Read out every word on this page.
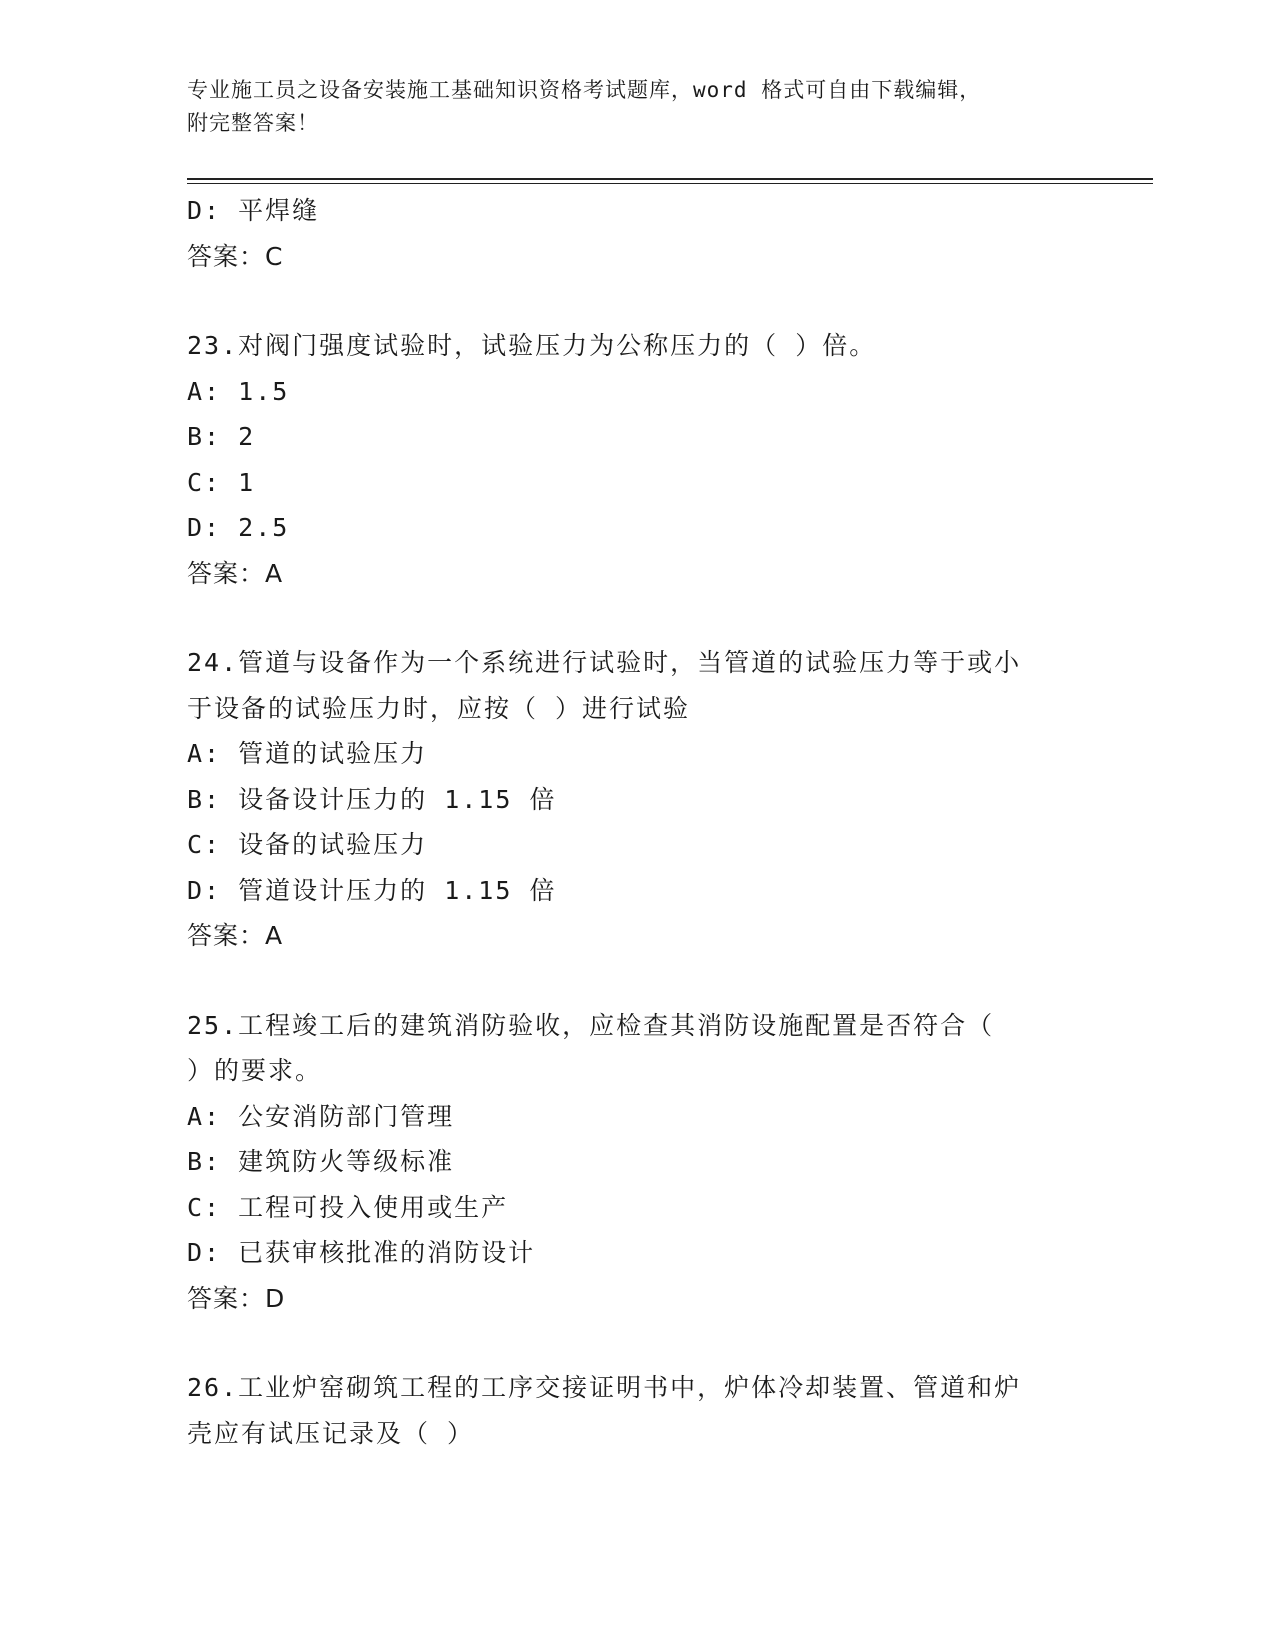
专业施工员之设备安装施工基础知识资格考试题库，word 格式可自由下载编辑，
附完整答案！
D: 平焊缝
答案：C
23.对阀门强度试验时，试验压力为公称压力的（ ）倍。
A: 1.5
B: 2
C: 1
D: 2.5
答案：A
24.管道与设备作为一个系统进行试验时，当管道的试验压力等于或小
于设备的试验压力时，应按（ ）进行试验
A: 管道的试验压力
B: 设备设计压力的 1.15 倍
C: 设备的试验压力
D: 管道设计压力的 1.15 倍
答案：A
25.工程竣工后的建筑消防验收，应检查其消防设施配置是否符合（
）的要求。
A: 公安消防部门管理
B: 建筑防火等级标准
C: 工程可投入使用或生产
D: 已获审核批准的消防设计
答案：D
26.工业炉窑砌筑工程的工序交接证明书中，炉体冷却装置、管道和炉
壳应有试压记录及（ ）
